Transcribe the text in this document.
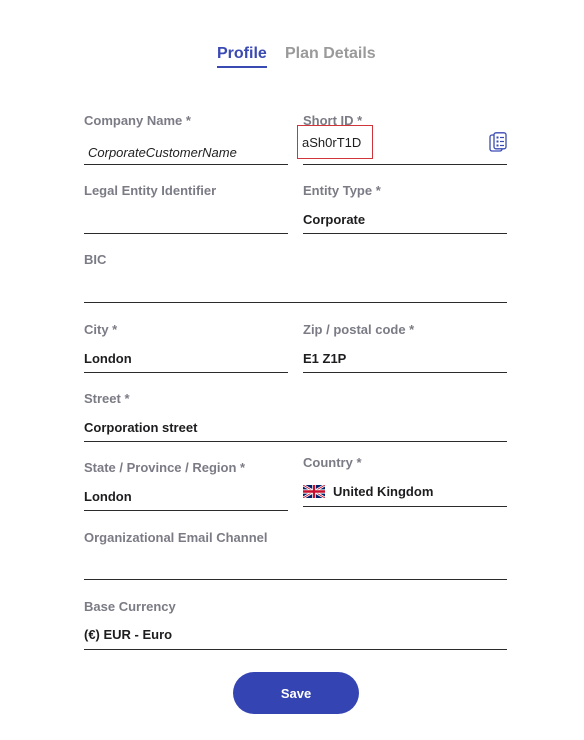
Profile Plan Details
Company Name *
CorporateCustomerName
Short ID *
aSh0rT1D
Legal Entity Identifier	Entity Type *
Corporate
BIC
City *
London
Zip / postal code *
E1 Z1P
Street *
Corporation street
State / Province / Region *
London
Country *
United Kingdom
Organizational Email Channel
Base Currency
(€) EUR - Euro
Save
